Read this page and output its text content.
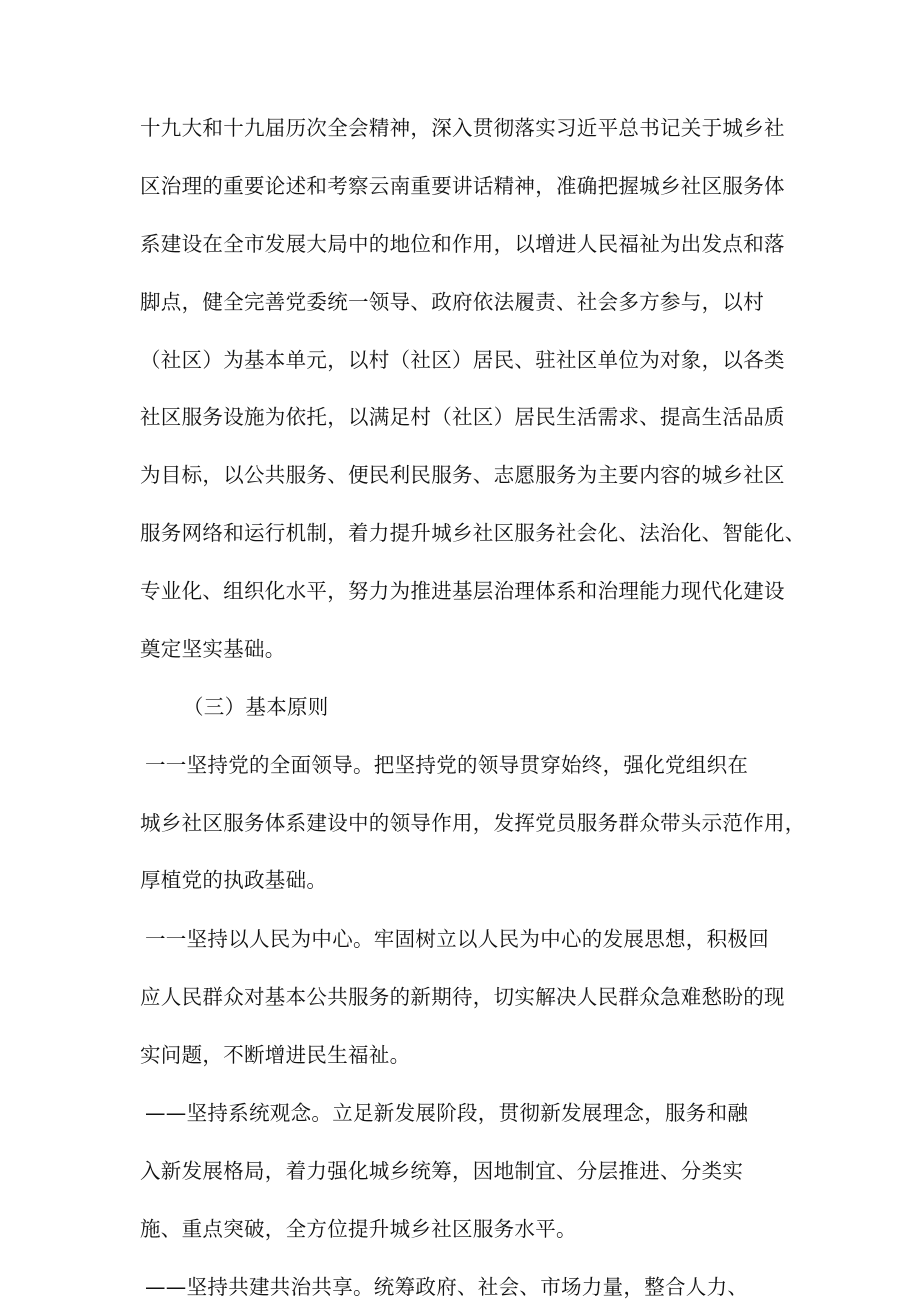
十九大和十九届历次全会精神，深入贯彻落实习近平总书记关于城乡社
区治理的重要论述和考察云南重要讲话精神，准确把握城乡社区服务体
系建设在全市发展大局中的地位和作用，以增进人民福祉为出发点和落
脚点，健全完善党委统一领导、政府依法履责、社会多方参与，以村
（社区）为基本单元，以村（社区）居民、驻社区单位为对象，以各类
社区服务设施为依托，以满足村（社区）居民生活需求、提高生活品质
为目标，以公共服务、便民利民服务、志愿服务为主要内容的城乡社区
服务网络和运行机制，着力提升城乡社区服务社会化、法治化、智能化、
专业化、组织化水平，努力为推进基层治理体系和治理能力现代化建设
奠定坚实基础。
（三）基本原则
一一坚持党的全面领导。把坚持党的领导贯穿始终，强化党组织在
城乡社区服务体系建设中的领导作用，发挥党员服务群众带头示范作用，
厚植党的执政基础。
一一坚持以人民为中心。牢固树立以人民为中心的发展思想，积极回
应人民群众对基本公共服务的新期待，切实解决人民群众急难愁盼的现
实问题，不断增进民生福祉。
——坚持系统观念。立足新发展阶段，贯彻新发展理念，服务和融
入新发展格局，着力强化城乡统筹，因地制宜、分层推进、分类实
施、重点突破，全方位提升城乡社区服务水平。
——坚持共建共治共享。统筹政府、社会、市场力量，整合人力、
